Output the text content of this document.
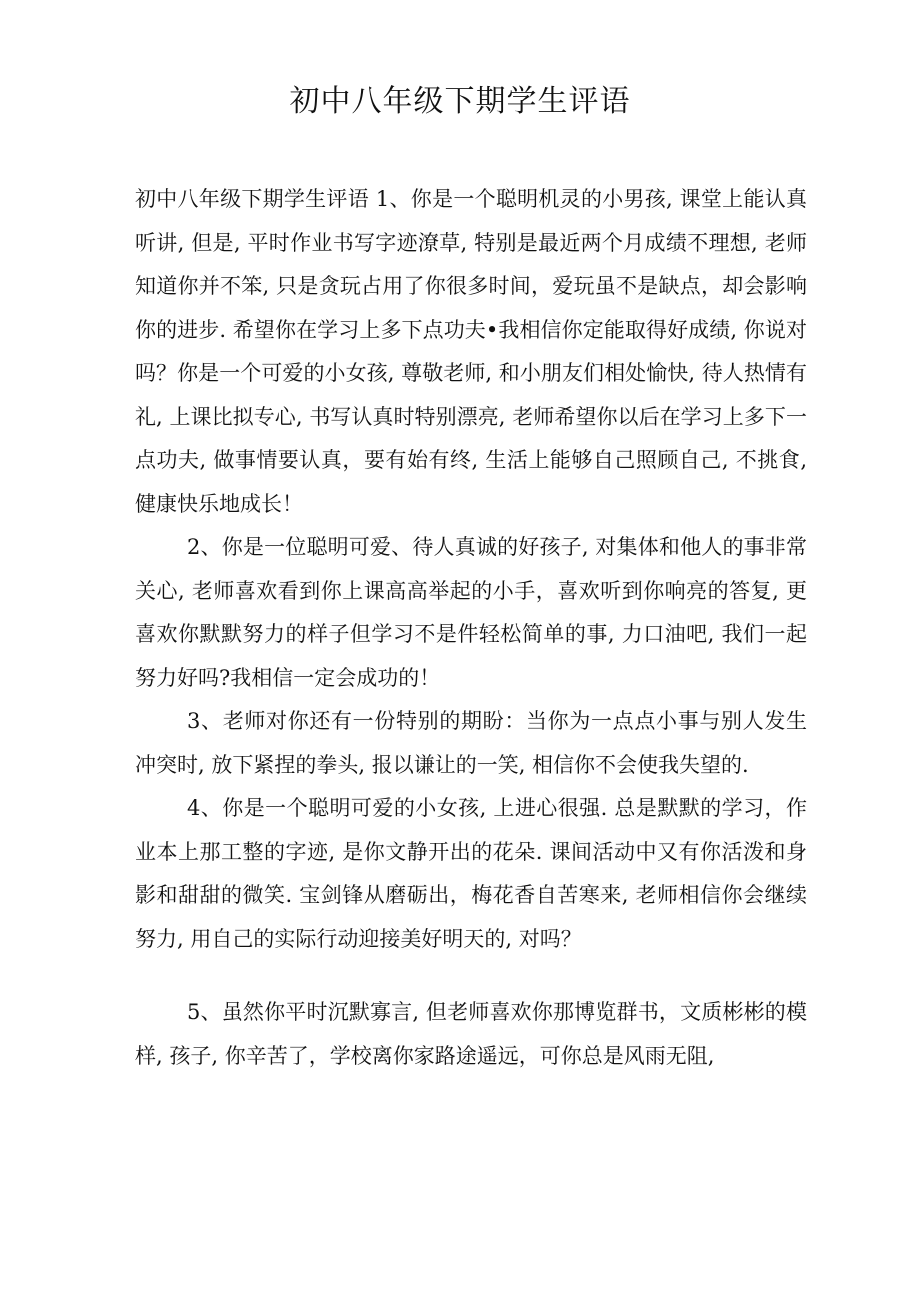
初中八年级下期学生评语

初中八年级下期学生评语 1、你是一个聪明机灵的小男孩, 课堂上能认真听讲, 但是, 平时作业书写字迹潦草, 特别是最近两个月成绩不理想, 老师知道你并不笨, 只是贪玩占用了你很多时间，爱玩虽不是缺点，却会影响你的进步. 希望你在学习上多下点功夫•我相信你定能取得好成绩, 你说对吗？你是一个可爱的小女孩, 尊敬老师, 和小朋友们相处愉快, 待人热情有礼, 上课比拟专心, 书写认真时特别漂亮, 老师希望你以后在学习上多下一点功夫, 做事情要认真，要有始有终, 生活上能够自己照顾自己, 不挑食, 健康快乐地成长！

2、你是一位聪明可爱、待人真诚的好孩子, 对集体和他人的事非常关心, 老师喜欢看到你上课高高举起的小手，喜欢听到你响亮的答复, 更喜欢你默默努力的样子但学习不是件轻松简单的事, 力口油吧, 我们一起努力好吗?我相信一定会成功的！

3、老师对你还有一份特别的期盼：当你为一点点小事与别人发生冲突时, 放下紧捏的拳头, 报以谦让的一笑, 相信你不会使我失望的.

4、你是一个聪明可爱的小女孩, 上进心很强. 总是默默的学习，作业本上那工整的字迹, 是你文静开出的花朵. 课间活动中又有你活泼和身影和甜甜的微笑. 宝剑锋从磨砺出，梅花香自苦寒来, 老师相信你会继续努力, 用自己的实际行动迎接美好明天的, 对吗？

5、虽然你平时沉默寡言, 但老师喜欢你那博览群书，文质彬彬的模样, 孩子, 你辛苦了，学校离你家路途遥远，可你总是风雨无阻,
